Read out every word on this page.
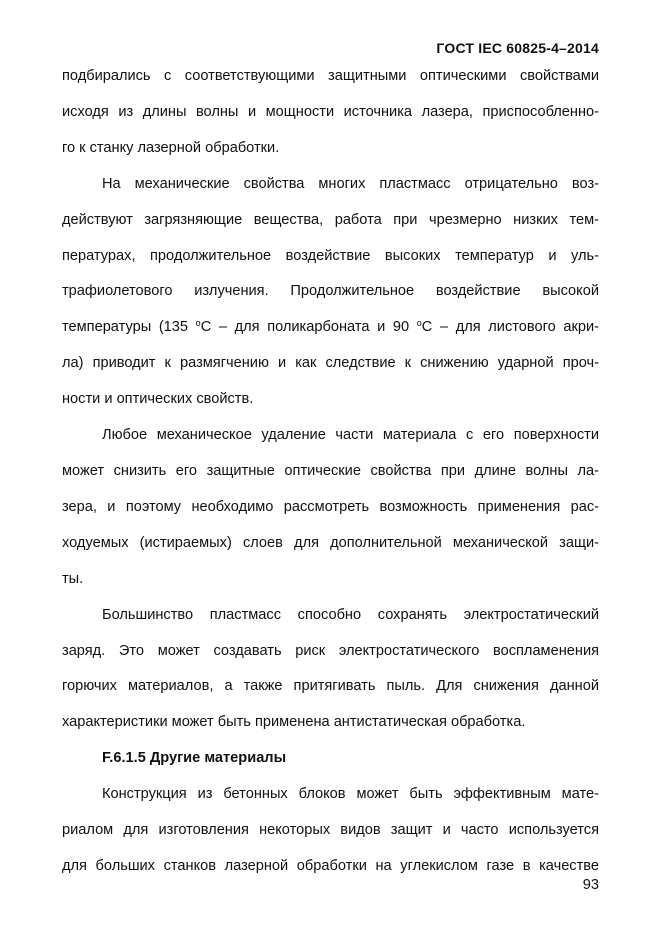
ГОСТ IEC 60825-4–2014

подбирались с соответствующими защитными оптическими свойствами
исходя из длины волны и мощности источника лазера, приспособленно-
го к станку лазерной обработки.

На механические свойства многих пластмасс отрицательно воз-
действуют загрязняющие вещества, работа при чрезмерно низких тем-
пературах, продолжительное воздействие высоких температур и уль-
трафиолетового излучения. Продолжительное воздействие высокой
температуры (135 $^o$C – для поликарбоната и 90 $^o$C – для листового акри-
ла) приводит к размягчению и как следствие к снижению ударной проч-
ности и оптических свойств.

Любое механическое удаление части материала с его поверхности
может снизить его защитные оптические свойства при длине волны ла-
зера, и поэтому необходимо рассмотреть возможность применения рас-
ходуемых (истираемых) слоев для дополнительной механической защи-
ты.

Большинство пластмасс способно сохранять электростатический
заряд. Это может создавать риск электростатического воспламенения
горючих материалов, а также притягивать пыль. Для снижения данной
характеристики может быть применена антистатическая обработка.

F.6.1.5 Другие материалы

Конструкция из бетонных блоков может быть эффективным мате-
риалом для изготовления некоторых видов защит и часто используется
для больших станков лазерной обработки на углекислом газе в качестве

93
